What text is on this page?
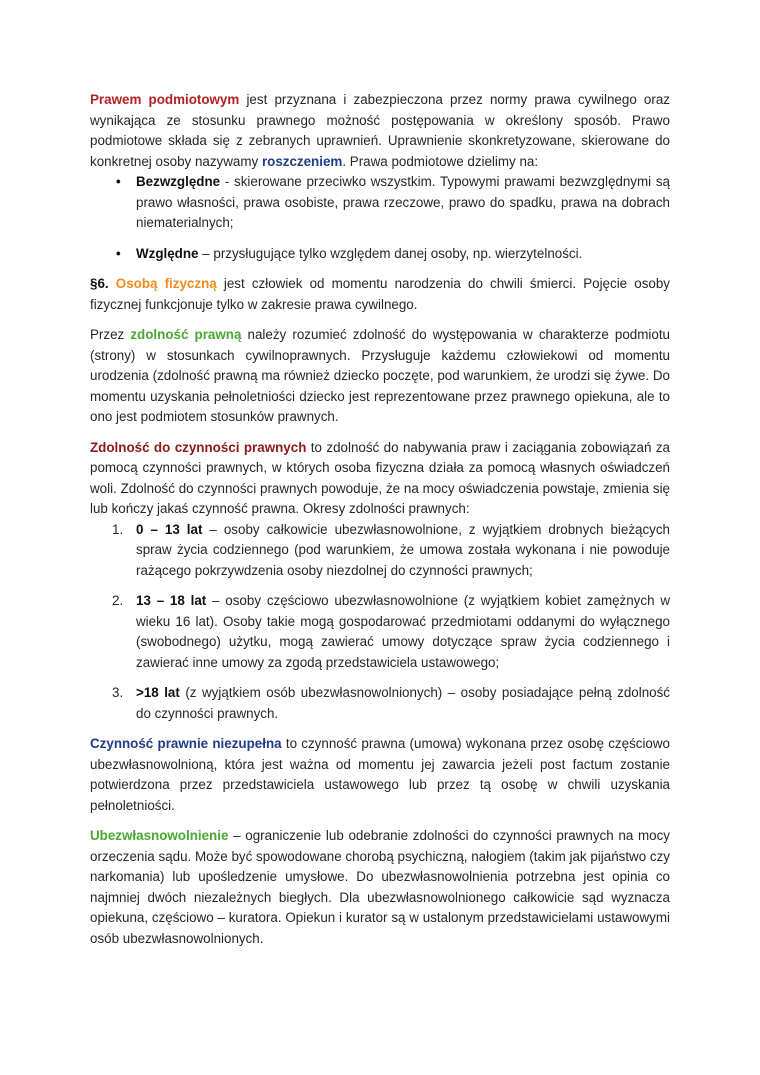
Prawem podmiotowym jest przyznana i zabezpieczona przez normy prawa cywilnego oraz wynikająca ze stosunku prawnego możność postępowania w określony sposób. Prawo podmiotowe składa się z zebranych uprawnień. Uprawnienie skonkretyzowane, skierowane do konkretnej osoby nazywamy roszczeniem. Prawa podmiotowe dzielimy na:

• Bezwzględne - skierowane przeciwko wszystkim. Typowymi prawami bezwzględnymi są prawo własności, prawa osobiste, prawa rzeczowe, prawo do spadku, prawa na dobrach niematerialnych;
• Względne – przysługujące tylko względem danej osoby, np. wierzytelności.

§6. Osobą fizyczną jest człowiek od momentu narodzenia do chwili śmierci. Pojęcie osoby fizycznej funkcjonuje tylko w zakresie prawa cywilnego.

Przez zdolność prawną należy rozumieć zdolność do występowania w charakterze podmiotu (strony) w stosunkach cywilnoprawnych. Przysługuje każdemu człowiekowi od momentu urodzenia (zdolność prawną ma również dziecko poczęte, pod warunkiem, że urodzi się żywe. Do momentu uzyskania pełnoletniości dziecko jest reprezentowane przez prawnego opiekuna, ale to ono jest podmiotem stosunków prawnych.

Zdolność do czynności prawnych to zdolność do nabywania praw i zaciągania zobowiązań za pomocą czynności prawnych, w których osoba fizyczna działa za pomocą własnych oświadczeń woli. Zdolność do czynności prawnych powoduje, że na mocy oświadczenia powstaje, zmienia się lub kończy jakaś czynność prawna. Okresy zdolności prawnych:

1. 0 – 13 lat – osoby całkowicie ubezwłasnowolnione, z wyjątkiem drobnych bieżących spraw życia codziennego (pod warunkiem, że umowa została wykonana i nie powoduje rażącego pokrzywdzenia osoby niezdolnej do czynności prawnych;
2. 13 – 18 lat – osoby częściowo ubezwłasnowolnione (z wyjątkiem kobiet zamężnych w wieku 16 lat). Osoby takie mogą gospodarować przedmiotami oddanymi do wyłącznego (swobodnego) użytku, mogą zawierać umowy dotyczące spraw życia codziennego i zawierać inne umowy za zgodą przedstawiciela ustawowego;
3. >18 lat (z wyjątkiem osób ubezwłasnowolnionych) – osoby posiadające pełną zdolność do czynności prawnych.

Czynność prawnie niezupełna to czynność prawna (umowa) wykonana przez osobę częściowo ubezwłasnowolnioną, która jest ważna od momentu jej zawarcia jeżeli post factum zostanie potwierdzona przez przedstawiciela ustawowego lub przez tą osobę w chwili uzyskania pełnoletniości.

Ubezwłasnowolnienie – ograniczenie lub odebranie zdolności do czynności prawnych na mocy orzeczenia sądu. Może być spowodowane chorobą psychiczną, nałogiem (takim jak pijaństwo czy narkomania) lub upośledzenie umysłowe. Do ubezwłasnowolnienia potrzebna jest opinia co najmniej dwóch niezależnych biegłych. Dla ubezwłasnowolnionego całkowicie sąd wyznacza opiekuna, częściowo – kuratora. Opiekun i kurator są w ustalonym przedstawicielami ustawowymi osób ubezwłasnowolnionych.
